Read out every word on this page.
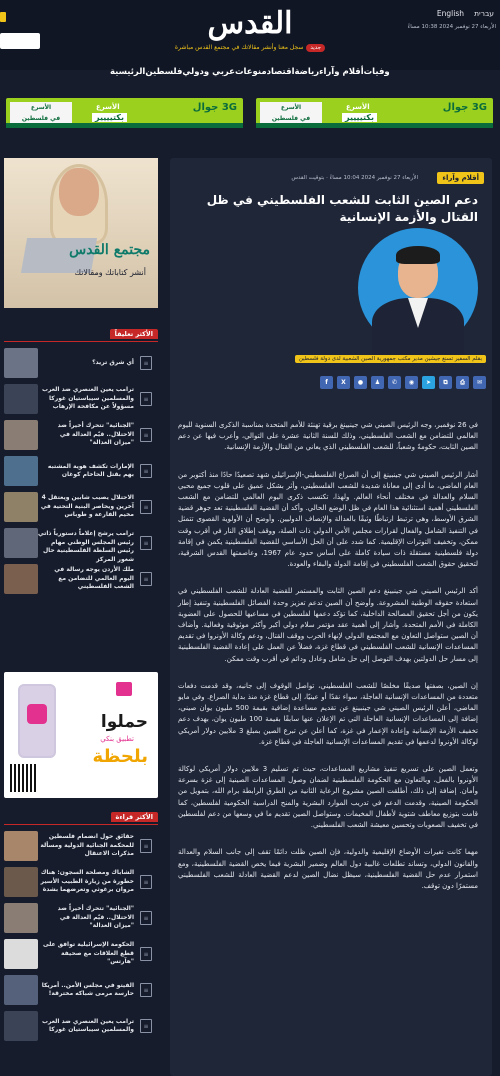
القدس	English עברית
الأربعاء 27 نوفمبر 2024 10:38 مساءً
جديدسجل معنا وأنشر مقالاتك في مجتمع القدس مباشرة
الرئيسية فلسطين عربي ودولي منوعات اقتصاد رياضة أقلام وآراء وفيات
الأسرع
في فلسطين
الأسرع
بكتيييير
3G جوال	الأسرع
في فلسطين
الأسرع
بكتيييير
3G جوال
أقلام وآراء
الأربعاء 27 نوفمبر 2024 10:04 مساءً · بتوقيت القدس
دعم الصين الثابت للشعب الفلسطيني في ظل القتال والأزمة الإنسانية
بقلم السفير تسنغ جيشين مدير مكتب جمهورية الصين الشعبية لدى دولة فلسطين
✉
⎙
⧉
➤
◉
✆
♟
●
X
f

في 26 نوفمبر، وجه الرئيس الصيني شي جينبينغ برقية تهنئة للأمم المتحدة بمناسبة الذكرى السنوية لليوم العالمي للتضامن مع الشعب الفلسطيني، وذلك للسنة الثانية عشرة على التوالي، وأعرب فيها عن دعم الصين الثابت، حكومةً وشعباً، للشعب الفلسطيني الذي يعاني من القتال والأزمة الإنسانية.

أشار الرئيس الصيني شي جينبينغ إلى أن الصراع الفلسطيني-الإسرائيلي شهد تصعيدًا حادًا منذ أكتوبر من العام الماضي، ما أدى إلى معاناة شديدة للشعب الفلسطيني، وأثر بشكل عميق على قلوب جميع محبي السلام والعدالة في مختلف أنحاء العالم. ولهذا، تكتسب ذكرى اليوم العالمي للتضامن مع الشعب الفلسطيني أهمية استثنائية هذا العام في ظل الوضع الحالي. وأكد أن القضية الفلسطينية تعد جوهر قضية الشرق الأوسط، وهي ترتبط ارتباطًا وثيقًا بالعدالة والإنصاف الدوليين. وأوضح أن الأولوية القصوى تتمثل في التنفيذ الشامل والفعال لقرارات مجلس الأمن الدولي ذات الصلة، ووقف إطلاق النار في أقرب وقت ممكن، وتخفيف التوترات الإقليمية. كما شدد على أن الحل الأساسي للقضية الفلسطينية يكمن في إقامة دولة فلسطينية مستقلة ذات سيادة كاملة على أساس حدود عام 1967، وعاصمتها القدس الشرقية، لتحقيق حقوق الشعب الفلسطيني في إقامة الدولة والبقاء والعودة.

أكد الرئيس الصيني شي جينبينغ دعم الصين الثابت والمستمر للقضية العادلة للشعب الفلسطيني في استعادة حقوقه الوطنية المشروعة. وأوضح أن الصين تدعم تعزيز وحدة الفصائل الفلسطينية وتنفيذ إطار يكون من أجل تحقيق المصالحة الداخلية، كما تؤكد دعمها لفلسطين في مساعيها للحصول على العضوية الكاملة في الأمم المتحدة. وأشار إلى أهمية عقد مؤتمر سلام دولي أكبر وأكثر موثوقية وفعالية. وأضاف أن الصين ستواصل التعاون مع المجتمع الدولي لإنهاء الحرب ووقف القتال، ودعم وكالة الأونروا في تقديم المساعدات الإنسانية للشعب الفلسطيني في قطاع غزة، فضلاً عن العمل على إعادة القضية الفلسطينية إلى مسار حل الدولتين بهدف التوصل إلى حل شامل وعادل ودائم في أقرب وقت ممكن.

إن الصين، بصفتها صديقًا مخلصًا للشعب الفلسطيني، تواصل الوقوف إلى جانبه، وقد قدمت دفعات متعددة من المساعدات الإنسانية العاجلة، سواء نقدًا أو عينيًا، إلى قطاع غزة منذ بداية الصراع. وفي مايو الماضي، أعلن الرئيس الصيني شي جينبينغ عن تقديم مساعدة إضافية بقيمة 500 مليون يوان صيني، إضافة إلى المساعدات الإنسانية العاجلة التي تم الإعلان عنها سابقًا بقيمة 100 مليون يوان، بهدف دعم تخفيف الأزمة الإنسانية وإعادة الإعمار في غزة، كما أعلن عن تبرع الصين بمبلغ 3 ملايين دولار أمريكي لوكالة الأونروا لدعمها في تقديم المساعدات الإنسانية العاجلة في قطاع غزة.

وتعمل الصين على تسريع تنفيذ مشاريع المساعدات، حيث تم تسليم 3 ملايين دولار أمريكي لوكالة الأونروا بالفعل، وبالتعاون مع الحكومة الفلسطينية لضمان وصول المساعدات الصينية إلى غزة بسرعة وأمان. إضافة إلى ذلك، أطلقت الصين مشروع الرعاية الثانية من الطرق الرابطة برام الله، بتمويل من الحكومة الصينية، وقدمت الدعم في تدريب الموارد البشرية والمنح الدراسية الحكومية لفلسطين، كما قامت بتوزيع معاطف شتوية لأطفال المخيمات. وستواصل الصين تقديم ما في وسعها من دعم لفلسطين في تخفيف الصعوبات وتحسين معيشة الشعب الفلسطيني.

مهما كانت تغيرات الأوضاع الإقليمية والدولية، فإن الصين ظلت دائمًا تقف إلى جانب السلام والعدالة والقانون الدولي، وتساند تطلعات غالبية دول العالم وضمير البشرية فيما يخص القضية الفلسطينية، ومع استمرار عدم حل القضية الفلسطينية، سيظل نضال الصين لدعم القضية العادلة للشعب الفلسطيني مستمرًا دون توقف.

مجتمع القدس
أنشر كتاباتك ومقالاتك
الأكثر تعليقاً
≡
أي شرق تريد؟
≡
ترامب يعين العنصري ضد العرب والمسلمين سيباستيان غوركا مسؤولاً عن مكافحة الإرهاب
≡
"الجنائية" تتحرك أخيراً ضد الاحتلال.. قيّم العدالة في "ميزان العدالة"
≡
الإمارات تكشف هوية المشتبه بهم بقتل الحاخام كوغان
≡
الاحتلال يصيب شابين ويعتقل 4 آخرين ويحاصر البنية التحتية في مخيم الفارعة و طوباس
≡
ترامب يرشح إعلاماً دستورياً ذاتي رئيس المجلس الوطني مهام رئيس السلطة الفلسطينية حال شغور المركز
≡
ملك الأردن يوجه رسالة في اليوم العالمي للتضامن مع الشعب الفلسطيني
حملوا
تطبيق بنكي
بلحظة
الأكثر قراءة
≡
حقائق حول انضمام فلسطين للمحكمة الجنائية الدولية ومسألة مذكرات الاعتقال
≡
الشاباك ومصلحة السجون: هناك خطورة من زيارة الطبيب الأسير مروان برغوثي وتعرضهما بشدة
≡
"الجنائية" تتحرك أخيراً ضد الاحتلال.. قيّم العدالة في "ميزان العدالة"
≡
الحكومة الإسرائيلية توافق على قطع العلاقات مع صحيفة "هآرتس"
≡
الفيتو في مجلس الأمن.. أمريكا حارسة مرمى شباكه مخترقة!
≡
ترامب يعين العنصري ضد العرب والمسلمين سيباستيان غوركا
